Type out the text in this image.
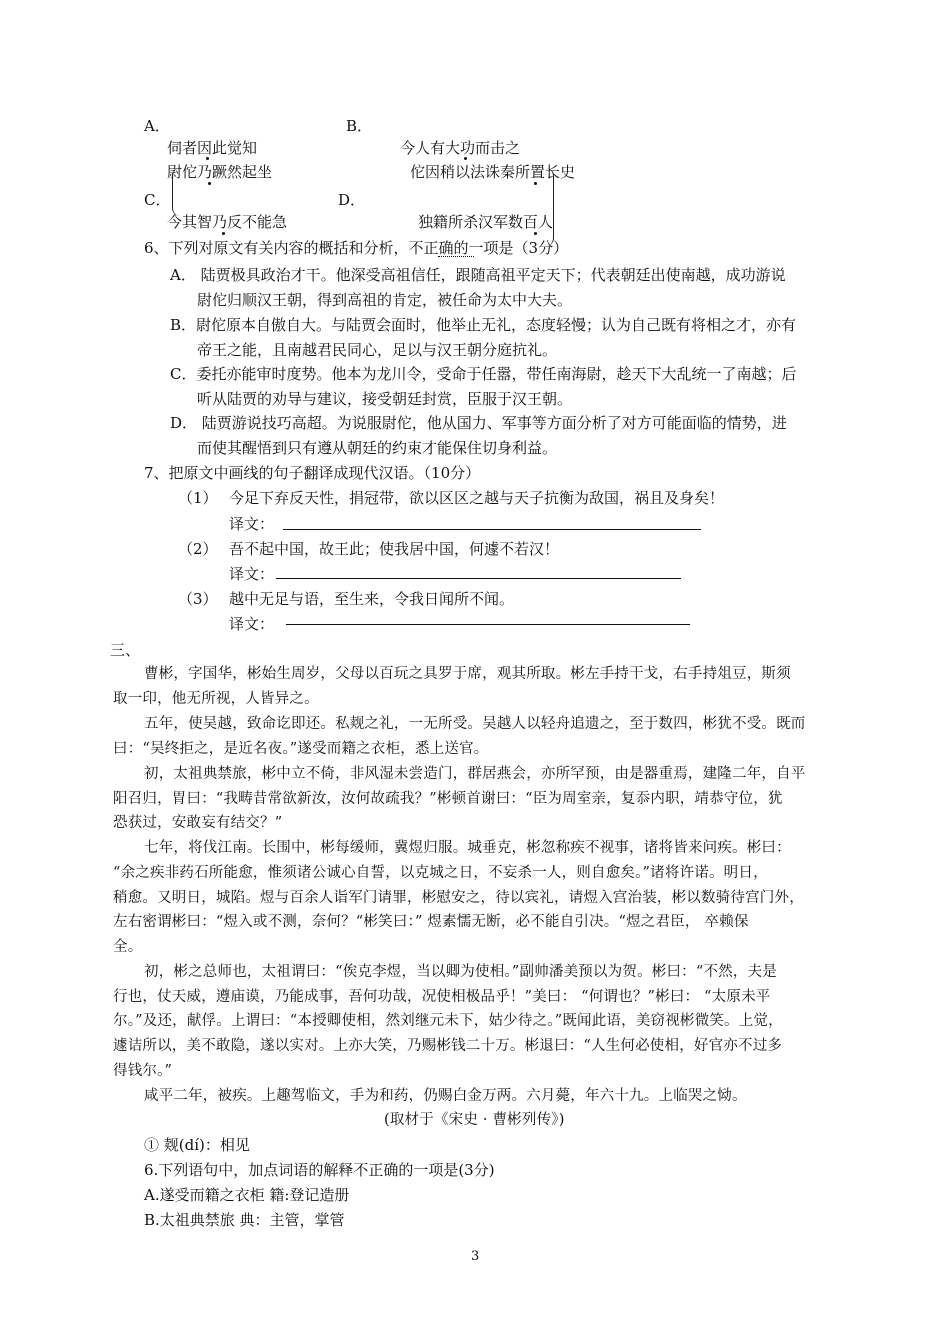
A．	B．
伺者因此觉知	今人有大功而击之
尉佗乃蹶然起坐	佗因稍以法诛秦所置长史
C．	D．
今其智乃反不能急	独籍所杀汉军数百人
6、下列对原文有关内容的概括和分析，不正确的一项是（3分）
A． 陆贾极具政治才干。他深受高祖信任，跟随高祖平定天下；代表朝廷出使南越，成功游说
尉佗归顺汉王朝，得到高祖的肯定，被任命为太中大夫。
B．尉佗原本自傲自大。与陆贾会面时，他举止无礼，态度轻慢；认为自己既有将相之才，亦有
帝王之能，且南越君民同心，足以与汉王朝分庭抗礼。
C．委托亦能审时度势。他本为龙川令，受命于任嚣，带任南海尉，趁天下大乱统一了南越；后
听从陆贾的劝导与建议，接受朝廷封赏，臣服于汉王朝。
D． 陆贾游说技巧高超。为说服尉佗，他从国力、军事等方面分析了对方可能面临的情势，进
而使其醒悟到只有遵从朝廷的约束才能保住切身利益。
7、把原文中画线的句子翻译成现代汉语。（10分）
（1） 今足下弃反天性，捐冠带，欲以区区之越与天子抗衡为敌国，祸且及身矣！
译文：
（2） 吾不起中国，故王此；使我居中国，何遽不若汉！
译文：
（3） 越中无足与语，至生来，令我日闻所不闻。
译文：
三、
曹彬，字国华，彬始生周岁，父母以百玩之具罗于席，观其所取。彬左手持干戈，右手持俎豆，斯须
取一印，他无所视，人皆异之。
五年，使吴越，致命讫即还。私觌之礼，一无所受。吴越人以轻舟追遗之，至于数四，彬犹不受。既而
曰：“吴终拒之，是近名夜。”遂受而籍之衣柜，悉上送官。
初，太祖典禁旅，彬中立不倚，非风湿未尝造门，群居燕会，亦所罕预，由是器重焉，建隆二年，自平
阳召归，胃曰：“我畴昔常欲新汝，汝何故疏我？”彬顿首谢曰：“臣为周室亲，复忝内职，靖恭守位，犹
恐获过，安敢妄有结交？”
七年，将伐江南。长围中，彬每缓师，冀煜归服。城垂克，彬忽称疾不视事，诸将皆来问疾。彬曰：
“余之疾非药石所能愈，惟须诸公诚心自誓，以克城之日，不妄杀一人，则自愈矣。”诸将许诺。明日，
稍愈。又明日，城陷。煜与百余人诣军门请罪，彬慰安之，待以宾礼，请煜入宫治装，彬以数骑待宫门外，
左右密谓彬曰：“煜入或不测，奈何？“彬笑曰：” 煜素懦无断，必不能自引决。“煜之君臣， 卒赖保
全。
初，彬之总师也，太祖谓曰：“俟克李煜，当以卿为使相。”副帅潘美预以为贺。彬曰：“不然，夫是
行也，仗天威，遵庙谟，乃能成事，吾何功哉，况使相极品乎！”美曰： “何谓也？”彬曰： “太原未平
尔。”及还，献俘。上谓曰：“本授卿使相，然刘继元未下，姑少待之。”既闻此语，美窃视彬微笑。上觉，
遽诘所以，美不敢隐，遂以实对。上亦大笑，乃赐彬钱二十万。彬退曰：“人生何必使相，好官亦不过多
得钱尔。”
咸平二年，被疾。上趣驾临文，手为和药，仍赐白金万两。六月薨，年六十九。上临哭之恸。
(取材于《宋史 · 曹彬列传》)
① 觌(dí)：相见
6.下列语句中，加点词语的解释不正确的一项是(3分)
A.遂受而籍之衣柜 籍:登记造册
B.太祖典禁旅 典：主管，掌管
3
